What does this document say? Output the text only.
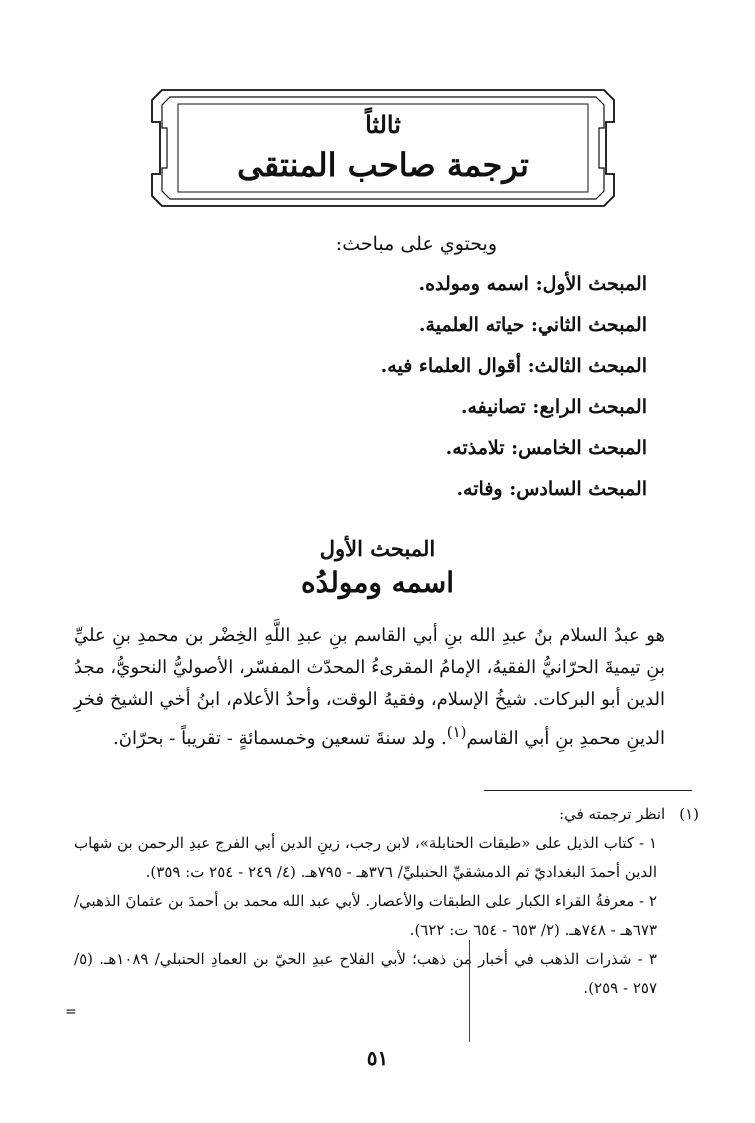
ثالثاً
ترجمة صاحب المنتقى
ويحتوي على مباحث:
المبحث الأول: اسمه ومولده.
المبحث الثاني: حياته العلمية.
المبحث الثالث: أقوال العلماء فيه.
المبحث الرابع: تصانيفه.
المبحث الخامس: تلامذته.
المبحث السادس: وفاته.
المبحث الأول
اسمه ومولدُه
هو عبدُ السلام بنُ عبدِ الله بنِ أبي القاسم بنِ عبدِ اللَّهِ الخِضْر بن محمدِ بنِ عليِّ بنِ تيميةَ الحرّانيُّ الفقيهُ، الإمامُ المقرىءُ المحدّث المفسّر، الأصوليُّ النحويُّ، مجدُ الدين أبو البركات. شيخُ الإسلام، وفقيهُ الوقت، وأحدُ الأعلام، ابنُ أخي الشيخ فخرِ الدينِ محمدِ بنِ أبي القاسم$^{(١)}$. ولد سنةَ تسعين وخمسمائةٍ - تقريباً - بحرّانَ.
(١)
انظر ترجمته في:
١ - كتاب الذيل على «طبقات الحنابلة»، لابن رجب، زينِ الدين أبي الفرج عبدِ الرحمن بن شهاب الدين أحمدَ البغداديّ ثم الدمشقيِّ الحنبليِّ/ ٣٧٦هـ - ٧٩٥هـ. (٤/ ٢٤٩ - ٢٥٤ ت: ٣٥٩).
٢ - معرفةُ القراء الكبار على الطبقات والأعصار. لأبي عبد الله محمد بن أحمدَ بن عثمانَ الذهبي/ ٦٧٣هـ - ٧٤٨هـ. (٢/ ٦٥٣ - ٦٥٤ ت: ٦٢٢).
٣ - شذرات الذهب في أخبار من ذهب؛ لأبي الفلاح عبدِ الحيّ بن العمادِ الحنبلي/ ١٠٨٩هـ. (٥/ ٢٥٧ - ٢٥٩).
=
٥١
